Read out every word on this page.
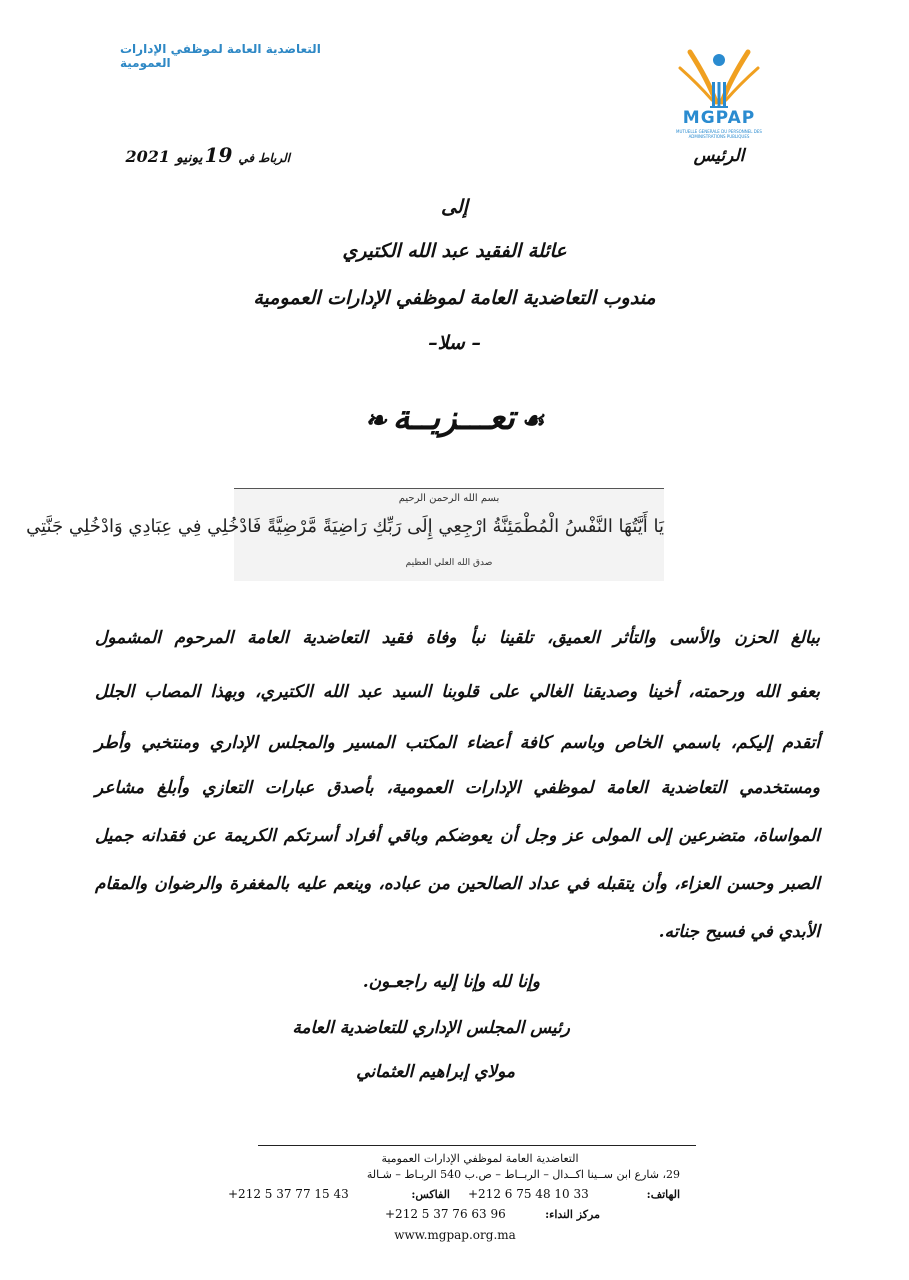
التعاضدية العامة لموظفي الإدارات العمومية
MGPAP
MUTUELLE GENERALE DU PERSONNEL DES ADMINISTRATIONS PUBLIQUES
الرئيس
الرباط في19يونيو2021
إلى
عائلة الفقيد عبد الله الكتيري
مندوب التعاضدية العامة لموظفي الإدارات العمومية
– سلا–
☙تعـــزيــة❧
بسم الله الرحمن الرحيم
يَا أَيَّتُهَا النَّفْسُ الْمُطْمَئِنَّةُ ارْجِعِي إِلَى رَبِّكِ رَاضِيَةً مَّرْضِيَّةً فَادْخُلِي فِي عِبَادِي وَادْخُلِي جَنَّتِي
صدق الله العلي العظيم
ببالغ الحزن والأسى والتأثر العميق، تلقينا نبأ وفاة فقيد التعاضدية العامة المرحوم المشمول
بعفو الله ورحمته، أخينا وصديقنا الغالي على قلوبنا السيد عبد الله الكتيري، وبهذا المصاب الجلل
أتقدم إليكم، باسمي الخاص وباسم كافة أعضاء المكتب المسير والمجلس الإداري ومنتخبي وأطر
ومستخدمي التعاضدية العامة لموظفي الإدارات العمومية، بأصدق عبارات التعازي وأبلغ مشاعر
المواساة، متضرعين إلى المولى عز وجل أن يعوضكم وباقي أفراد أسرتكم الكريمة عن فقدانه جميل
الصبر وحسن العزاء، وأن يتقبله في عداد الصالحين من عباده، وينعم عليه بالمغفرة والرضوان والمقام
الأبدي في فسيح جناته.
وإنا لله وإنا إليه راجعـون.
رئيس المجلس الإداري للتعاضدية العامة
مولاي إبراهيم العثماني
التعاضدية العامة لموظفي الإدارات العمومية
29، شارع ابن ســينا اكــدال – الربــاط – ص.ب 540 الربـاط – شـالة
الهاتف:
+212 6 75 48 10 33
الفاكس:
+212 5 37 77 15 43
مركز النداء:
+212 5 37 76 63 96
www.mgpap.org.ma
